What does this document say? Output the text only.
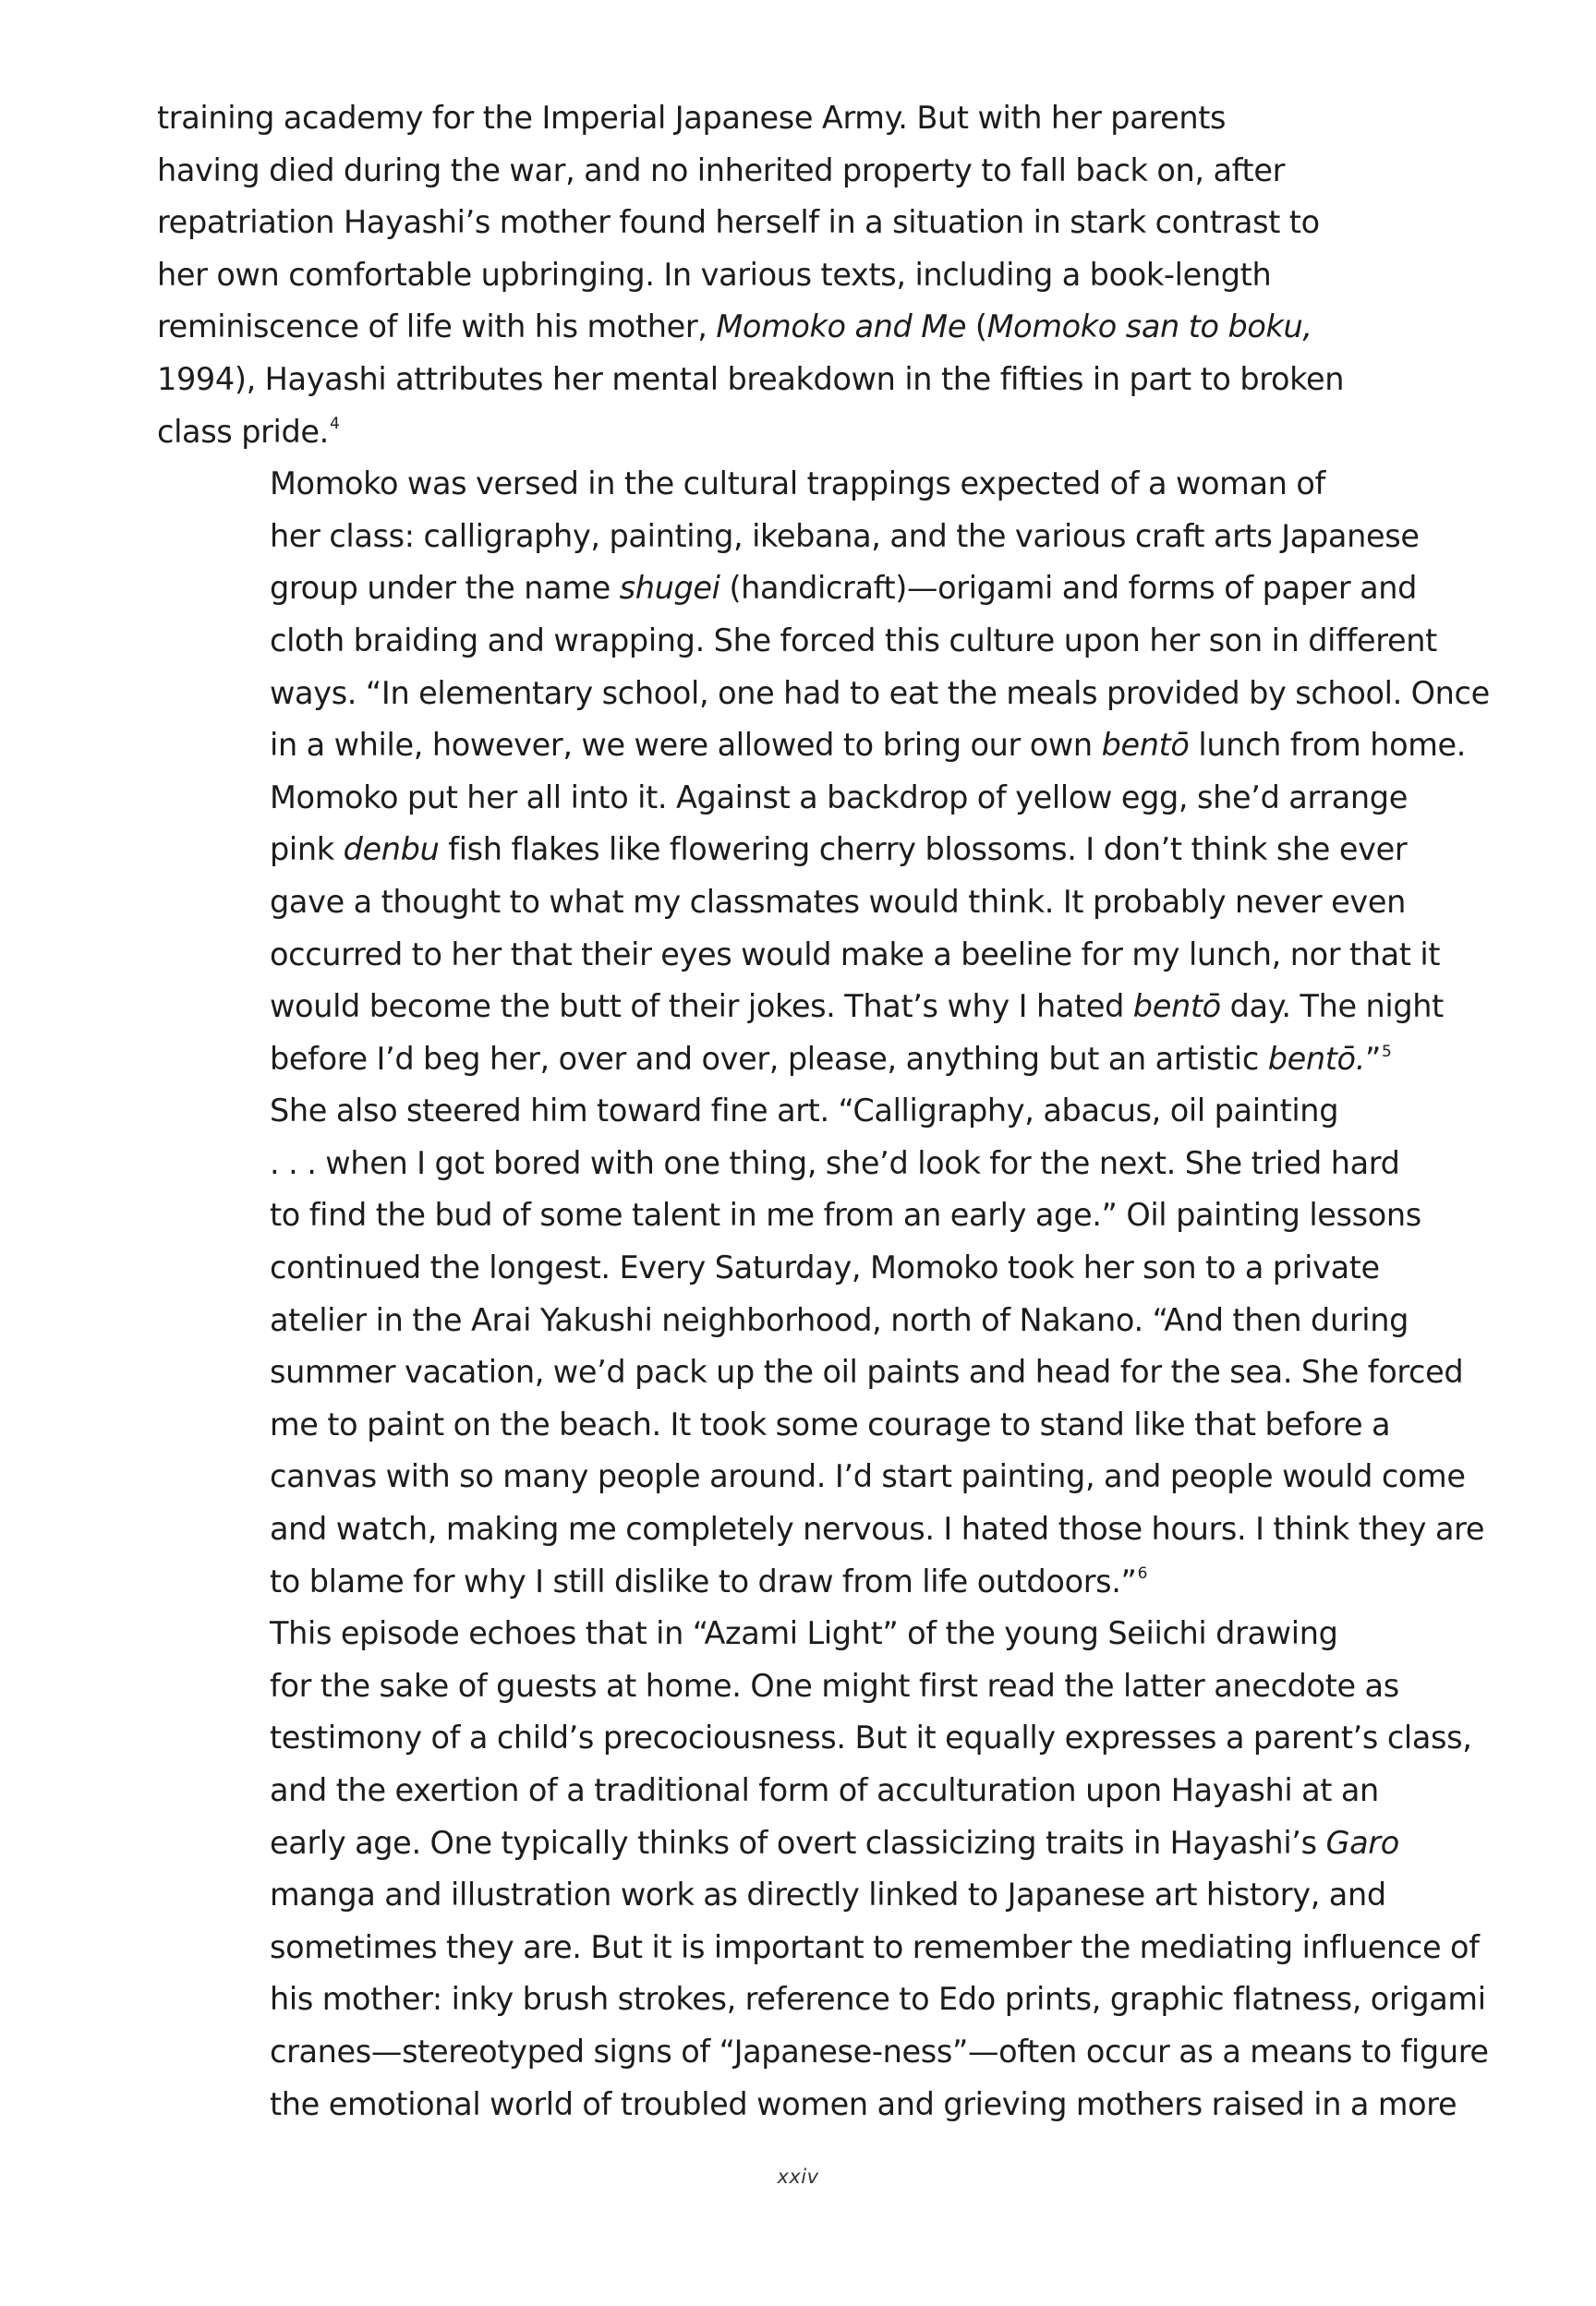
training academy for the Imperial Japanese Army. But with her parents
having died during the war, and no inherited property to fall back on, after
repatriation Hayashi’s mother found herself in a situation in stark contrast to
her own comfortable upbringing. In various texts, including a book-length
reminiscence of life with his mother, Momoko and Me (Momoko san to boku,
1994), Hayashi attributes her mental breakdown in the fifties in part to broken
class pride.$^4$

Momoko was versed in the cultural trappings expected of a woman of
her class: calligraphy, painting, ikebana, and the various craft arts Japanese
group under the name shugei (handicraft)—origami and forms of paper and
cloth braiding and wrapping. She forced this culture upon her son in different
ways. “In elementary school, one had to eat the meals provided by school. Once
in a while, however, we were allowed to bring our own bentō lunch from home.
Momoko put her all into it. Against a backdrop of yellow egg, she’d arrange
pink denbu fish flakes like flowering cherry blossoms. I don’t think she ever
gave a thought to what my classmates would think. It probably never even
occurred to her that their eyes would make a beeline for my lunch, nor that it
would become the butt of their jokes. That’s why I hated bentō day. The night
before I’d beg her, over and over, please, anything but an artistic bentō.”$^5$

She also steered him toward fine art. “Calligraphy, abacus, oil painting
. . . when I got bored with one thing, she’d look for the next. She tried hard
to find the bud of some talent in me from an early age.” Oil painting lessons
continued the longest. Every Saturday, Momoko took her son to a private
atelier in the Arai Yakushi neighborhood, north of Nakano. “And then during
summer vacation, we’d pack up the oil paints and head for the sea. She forced
me to paint on the beach. It took some courage to stand like that before a
canvas with so many people around. I’d start painting, and people would come
and watch, making me completely nervous. I hated those hours. I think they are
to blame for why I still dislike to draw from life outdoors.”$^6$

This episode echoes that in “Azami Light” of the young Seiichi drawing
for the sake of guests at home. One might first read the latter anecdote as
testimony of a child’s precociousness. But it equally expresses a parent’s class,
and the exertion of a traditional form of acculturation upon Hayashi at an
early age. One typically thinks of overt classicizing traits in Hayashi’s Garo
manga and illustration work as directly linked to Japanese art history, and
sometimes they are. But it is important to remember the mediating influence of
his mother: inky brush strokes, reference to Edo prints, graphic flatness, origami
cranes—stereotyped signs of “Japanese-ness”—often occur as a means to figure
the emotional world of troubled women and grieving mothers raised in a more

xxiv
